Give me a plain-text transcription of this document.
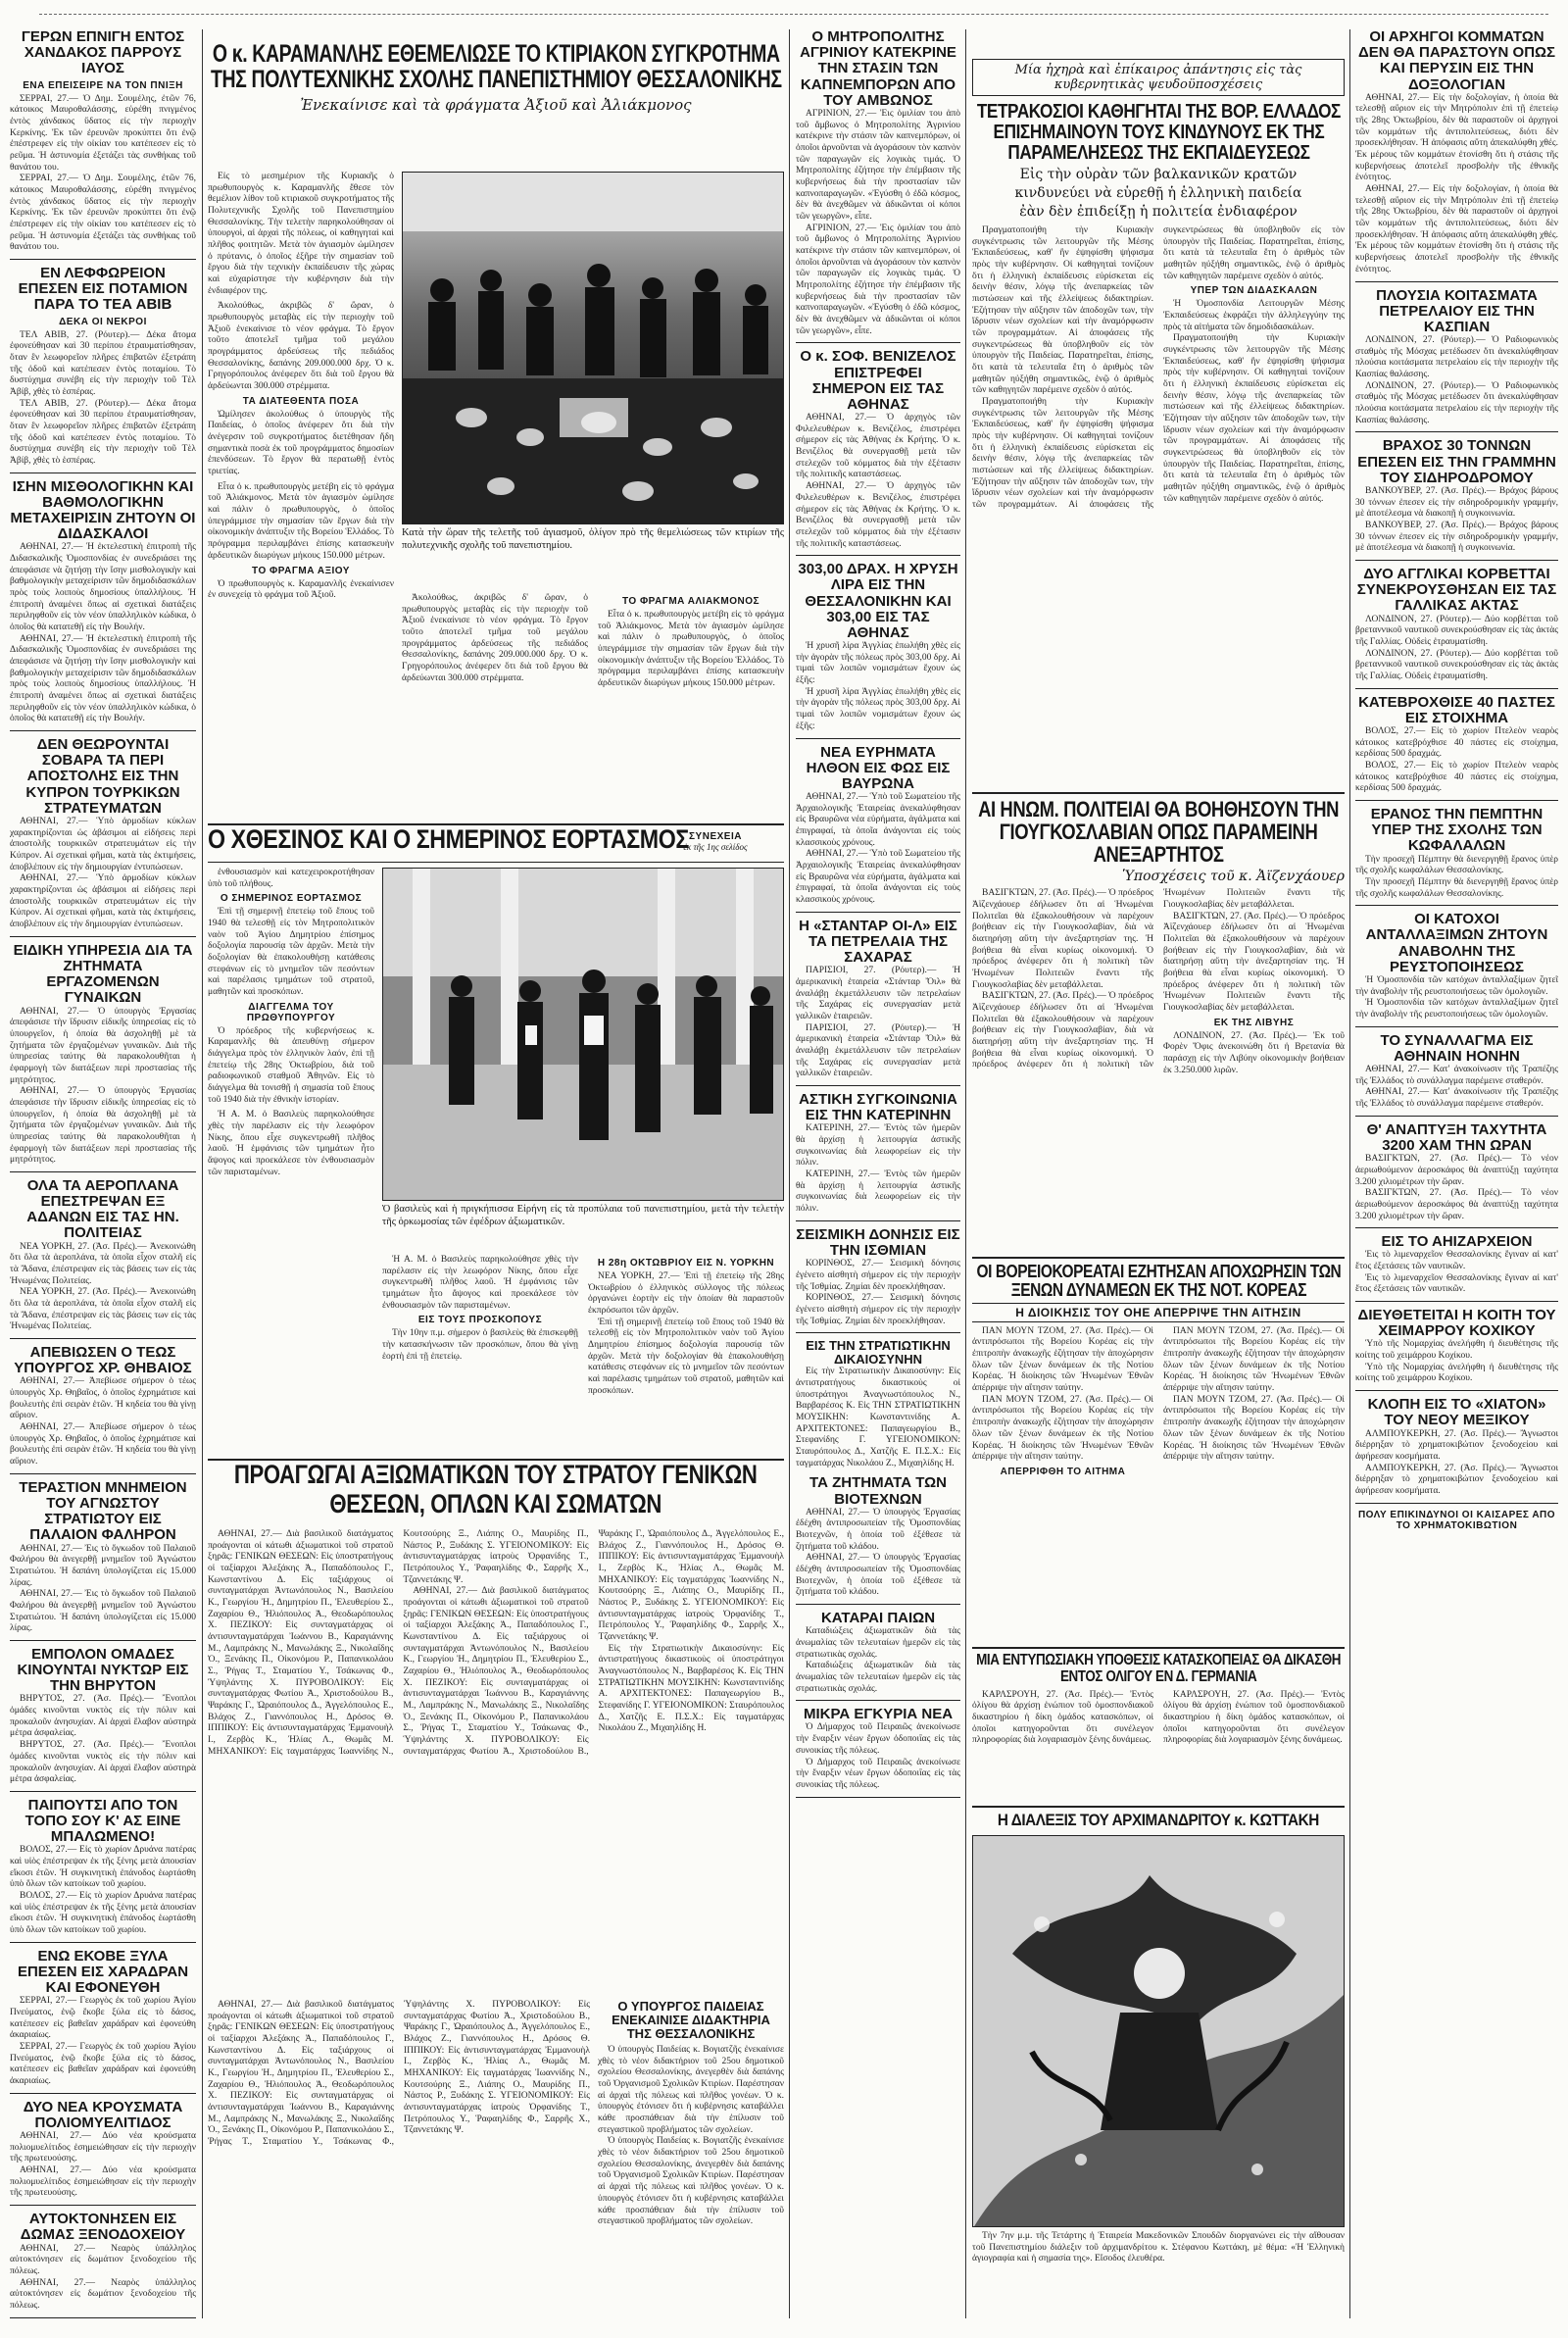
ΓΕΡΩΝ ΕΠΝΙΓΗ ΕΝΤΟΣ ΧΑΝΔΑΚΟΣ ΠΑΡΡΟΥΣ ΙΑΥΟΣ
ΕΝΑ ΕΠΕΙΣΕΙΡΕ ΝΑ ΤΟΝ ΠΝΙΞΗ

ΣΕΡΡΑΙ, 27.— Ὁ Δημ. Σουμέλης, ἐτῶν 76, κάτοικος Μαυροθαλάσσης, εὑρέθη πνιγμένος ἐντὸς χάνδακος ὕδατος εἰς τὴν περιοχὴν Κερκίνης. Ἐκ τῶν ἐρευνῶν προκύπτει ὅτι ἐνῷ ἐπέστρεφεν εἰς τὴν οἰκίαν του κατέπεσεν εἰς τὸ ρεῦμα. Ἡ ἀστυνομία ἐξετάζει τὰς συνθήκας τοῦ θανάτου του.

ΣΕΡΡΑΙ, 27.— Ὁ Δημ. Σουμέλης, ἐτῶν 76, κάτοικος Μαυροθαλάσσης, εὑρέθη πνιγμένος ἐντὸς χάνδακος ὕδατος εἰς τὴν περιοχὴν Κερκίνης. Ἐκ τῶν ἐρευνῶν προκύπτει ὅτι ἐνῷ ἐπέστρεφεν εἰς τὴν οἰκίαν του κατέπεσεν εἰς τὸ ρεῦμα. Ἡ ἀστυνομία ἐξετάζει τὰς συνθήκας τοῦ θανάτου του.

ΕΝ ΛΕΦΦΩΡΕΙΟΝ ΕΠΕΣΕΝ ΕΙΣ ΠΟΤΑΜΙΟΝ ΠΑΡΑ ΤΟ ΤΕΑ ΑΒΙΒ
ΔΕΚΑ ΟΙ ΝΕΚΡΟΙ

ΤΕΛ ΑΒΙΒ, 27. (Ρόυτερ).— Δέκα ἄτομα ἐφονεύθησαν καὶ 30 περίπου ἐτραυματίσθησαν, ὅταν ἓν λεωφορεῖον πλῆρες ἐπιβατῶν ἐξετράπη τῆς ὁδοῦ καὶ κατέπεσεν ἐντὸς ποταμίου. Τὸ δυστύχημα συνέβη εἰς τὴν περιοχὴν τοῦ Τὲλ Ἀβίβ, χθὲς τὸ ἑσπέρας.

ΤΕΛ ΑΒΙΒ, 27. (Ρόυτερ).— Δέκα ἄτομα ἐφονεύθησαν καὶ 30 περίπου ἐτραυματίσθησαν, ὅταν ἓν λεωφορεῖον πλῆρες ἐπιβατῶν ἐξετράπη τῆς ὁδοῦ καὶ κατέπεσεν ἐντὸς ποταμίου. Τὸ δυστύχημα συνέβη εἰς τὴν περιοχὴν τοῦ Τὲλ Ἀβίβ, χθὲς τὸ ἑσπέρας.

ΙΣΗΝ ΜΙΣΘΟΛΟΓΙΚΗΝ ΚΑΙ ΒΑΘΜΟΛΟΓΙΚΗΝ ΜΕΤΑΧΕΙΡΙΣΙΝ ΖΗΤΟΥΝ ΟΙ ΔΙΔΑΣΚΑΛΟΙ

ΑΘΗΝΑΙ, 27.— Ἡ ἐκτελεστικὴ ἐπιτροπὴ τῆς Διδασκαλικῆς Ὁμοσπονδίας ἐν συνεδριάσει της ἀπεφάσισε νὰ ζητήσῃ τὴν ἴσην μισθολογικὴν καὶ βαθμολογικὴν μεταχείρισιν τῶν δημοδιδασκάλων πρὸς τοὺς λοιποὺς δημοσίους ὑπαλλήλους. Ἡ ἐπιτροπὴ ἀναμένει ὅπως αἱ σχετικαὶ διατάξεις περιληφθοῦν εἰς τὸν νέον ὑπαλληλικὸν κώδικα, ὁ ὁποῖος θὰ κατατεθῇ εἰς τὴν Βουλήν.

ΑΘΗΝΑΙ, 27.— Ἡ ἐκτελεστικὴ ἐπιτροπὴ τῆς Διδασκαλικῆς Ὁμοσπονδίας ἐν συνεδριάσει της ἀπεφάσισε νὰ ζητήσῃ τὴν ἴσην μισθολογικὴν καὶ βαθμολογικὴν μεταχείρισιν τῶν δημοδιδασκάλων πρὸς τοὺς λοιποὺς δημοσίους ὑπαλλήλους. Ἡ ἐπιτροπὴ ἀναμένει ὅπως αἱ σχετικαὶ διατάξεις περιληφθοῦν εἰς τὸν νέον ὑπαλληλικὸν κώδικα, ὁ ὁποῖος θὰ κατατεθῇ εἰς τὴν Βουλήν.

ΔΕΝ ΘΕΩΡΟΥΝΤΑΙ ΣΟΒΑΡΑ ΤΑ ΠΕΡΙ ΑΠΟΣΤΟΛΗΣ ΕΙΣ ΤΗΝ ΚΥΠΡΟΝ ΤΟΥΡΚΙΚΩΝ ΣΤΡΑΤΕΥΜΑΤΩΝ

ΑΘΗΝΑΙ, 27.— Ὑπὸ ἁρμοδίων κύκλων χαρακτηρίζονται ὡς ἀβάσιμοι αἱ εἰδήσεις περὶ ἀποστολῆς τουρκικῶν στρατευμάτων εἰς τὴν Κύπρον. Αἱ σχετικαὶ φῆμαι, κατὰ τὰς ἐκτιμήσεις, ἀποβλέπουν εἰς τὴν δημιουργίαν ἐντυπώσεων.

ΑΘΗΝΑΙ, 27.— Ὑπὸ ἁρμοδίων κύκλων χαρακτηρίζονται ὡς ἀβάσιμοι αἱ εἰδήσεις περὶ ἀποστολῆς τουρκικῶν στρατευμάτων εἰς τὴν Κύπρον. Αἱ σχετικαὶ φῆμαι, κατὰ τὰς ἐκτιμήσεις, ἀποβλέπουν εἰς τὴν δημιουργίαν ἐντυπώσεων.

ΕΙΔΙΚΗ ΥΠΗΡΕΣΙΑ ΔΙΑ ΤΑ ΖΗΤΗΜΑΤΑ ΕΡΓΑΖΟΜΕΝΩΝ ΓΥΝΑΙΚΩΝ

ΑΘΗΝΑΙ, 27.— Ὁ ὑπουργὸς Ἐργασίας ἀπεφάσισε τὴν ἵδρυσιν εἰδικῆς ὑπηρεσίας εἰς τὸ ὑπουργεῖον, ἡ ὁποία θὰ ἀσχοληθῇ μὲ τὰ ζητήματα τῶν ἐργαζομένων γυναικῶν. Διὰ τῆς ὑπηρεσίας ταύτης θὰ παρακολουθῆται ἡ ἐφαρμογὴ τῶν διατάξεων περὶ προστασίας τῆς μητρότητος.

ΑΘΗΝΑΙ, 27.— Ὁ ὑπουργὸς Ἐργασίας ἀπεφάσισε τὴν ἵδρυσιν εἰδικῆς ὑπηρεσίας εἰς τὸ ὑπουργεῖον, ἡ ὁποία θὰ ἀσχοληθῇ μὲ τὰ ζητήματα τῶν ἐργαζομένων γυναικῶν. Διὰ τῆς ὑπηρεσίας ταύτης θὰ παρακολουθῆται ἡ ἐφαρμογὴ τῶν διατάξεων περὶ προστασίας τῆς μητρότητος.

ΟΛΑ ΤΑ ΑΕΡΟΠΛΑΝΑ ΕΠΕΣΤΡΕΨΑΝ ΕΞ ΑΔΑΝΩΝ ΕΙΣ ΤΑΣ ΗΝ. ΠΟΛΙΤΕΙΑΣ

ΝΕΑ ΥΟΡΚΗ, 27. (Ἀσ. Πρές).— Ἀνεκοινώθη ὅτι ὅλα τὰ ἀεροπλάνα, τὰ ὁποῖα εἶχον σταλῆ εἰς τὰ Ἄδανα, ἐπέστρεψαν εἰς τὰς βάσεις των εἰς τὰς Ἡνωμένας Πολιτείας.

ΝΕΑ ΥΟΡΚΗ, 27. (Ἀσ. Πρές).— Ἀνεκοινώθη ὅτι ὅλα τὰ ἀεροπλάνα, τὰ ὁποῖα εἶχον σταλῆ εἰς τὰ Ἄδανα, ἐπέστρεψαν εἰς τὰς βάσεις των εἰς τὰς Ἡνωμένας Πολιτείας.

ΑΠΕΒΙΩΣΕΝ Ο ΤΕΩΣ ΥΠΟΥΡΓΟΣ ΧΡ. ΘΗΒΑΙΟΣ

ΑΘΗΝΑΙ, 27.— Ἀπεβίωσε σήμερον ὁ τέως ὑπουργὸς Χρ. Θηβαῖος, ὁ ὁποῖος ἐχρημάτισε καὶ βουλευτὴς ἐπὶ σειρὰν ἐτῶν. Ἡ κηδεία του θὰ γίνῃ αὔριον.

ΑΘΗΝΑΙ, 27.— Ἀπεβίωσε σήμερον ὁ τέως ὑπουργὸς Χρ. Θηβαῖος, ὁ ὁποῖος ἐχρημάτισε καὶ βουλευτὴς ἐπὶ σειρὰν ἐτῶν. Ἡ κηδεία του θὰ γίνῃ αὔριον.

ΤΕΡΑΣΤΙΟΝ ΜΝΗΜΕΙΟΝ ΤΟΥ ΑΓΝΩΣΤΟΥ ΣΤΡΑΤΙΩΤΟΥ ΕΙΣ ΠΑΛΑΙΟΝ ΦΑΛΗΡΟΝ

ΑΘΗΝΑΙ, 27.— Ἐις τὸ ὄγκωδον τοῦ Παλαιοῦ Φαλήρου θὰ ἀνεγερθῇ μνημεῖον τοῦ Ἀγνώστου Στρατιώτου. Ἡ δαπάνη ὑπολογίζεται εἰς 15.000 λίρας.

ΑΘΗΝΑΙ, 27.— Ἐις τὸ ὄγκωδον τοῦ Παλαιοῦ Φαλήρου θὰ ἀνεγερθῇ μνημεῖον τοῦ Ἀγνώστου Στρατιώτου. Ἡ δαπάνη ὑπολογίζεται εἰς 15.000 λίρας.

ΕΜΠΟΛΟΝ ΟΜΑΔΕΣ ΚΙΝΟΥΝΤΑΙ ΝΥΚΤΩΡ ΕΙΣ ΤΗΝ ΒΗΡΥΤΟΝ

ΒΗΡΥΤΟΣ, 27. (Ἀσ. Πρές).— Ἔνοπλοι ὁμάδες κινοῦνται νυκτὸς εἰς τὴν πόλιν καὶ προκαλοῦν ἀνησυχίαν. Αἱ ἀρχαὶ ἔλαβον αὐστηρὰ μέτρα ἀσφαλείας.

ΒΗΡΥΤΟΣ, 27. (Ἀσ. Πρές).— Ἔνοπλοι ὁμάδες κινοῦνται νυκτὸς εἰς τὴν πόλιν καὶ προκαλοῦν ἀνησυχίαν. Αἱ ἀρχαὶ ἔλαβον αὐστηρὰ μέτρα ἀσφαλείας.

ΠΑΙΠΟΥΤΣΙ ΑΠΟ ΤΟΝ ΤΟΠΟ ΣΟΥ Κ' ΑΣ ΕΙΝΕ ΜΠΑΛΩΜΕΝΟ!

ΒΟΛΟΣ, 27.— Εἰς τὸ χωρίον Δρυάνα πατέρας καὶ υἱὸς ἐπέστρεψαν ἐκ τῆς ξένης μετὰ ἀπουσίαν εἴκοσι ἐτῶν. Ἡ συγκινητικὴ ἐπάνοδος ἑωρτάσθη ὑπὸ ὅλων τῶν κατοίκων τοῦ χωρίου.

ΒΟΛΟΣ, 27.— Εἰς τὸ χωρίον Δρυάνα πατέρας καὶ υἱὸς ἐπέστρεψαν ἐκ τῆς ξένης μετὰ ἀπουσίαν εἴκοσι ἐτῶν. Ἡ συγκινητικὴ ἐπάνοδος ἑωρτάσθη ὑπὸ ὅλων τῶν κατοίκων τοῦ χωρίου.

ΕΝΩ ΕΚΟΒΕ ΞΥΛΑ ΕΠΕΣΕΝ ΕΙΣ ΧΑΡΑΔΡΑΝ ΚΑΙ ΕΦΟΝΕΥΘΗ

ΣΕΡΡΑΙ, 27.— Γεωργὸς ἐκ τοῦ χωρίου Ἀγίου Πνεύματος, ἐνῷ ἔκοβε ξύλα εἰς τὸ δάσος, κατέπεσεν εἰς βαθεῖαν χαράδραν καὶ ἐφονεύθη ἀκαριαίως.

ΣΕΡΡΑΙ, 27.— Γεωργὸς ἐκ τοῦ χωρίου Ἀγίου Πνεύματος, ἐνῷ ἔκοβε ξύλα εἰς τὸ δάσος, κατέπεσεν εἰς βαθεῖαν χαράδραν καὶ ἐφονεύθη ἀκαριαίως.

ΔΥΟ ΝΕΑ ΚΡΟΥΣΜΑΤΑ ΠΟΛΙΟΜΥΕΛΙΤΙΔΟΣ

ΑΘΗΝΑΙ, 27.— Δύο νέα κρούσματα πολιομυελίτιδος ἐσημειώθησαν εἰς τὴν περιοχὴν τῆς πρωτευούσης.

ΑΘΗΝΑΙ, 27.— Δύο νέα κρούσματα πολιομυελίτιδος ἐσημειώθησαν εἰς τὴν περιοχὴν τῆς πρωτευούσης.

ΑΥΤΟΚΤΟΝΗΣΕΝ ΕΙΣ ΔΩΜΑΣ ΞΕΝΟΔΟΧΕΙΟΥ

ΑΘΗΝΑΙ, 27.— Νεαρὸς ὑπάλληλος αὐτοκτόνησεν εἰς δωμάτιον ξενοδοχείου τῆς πόλεως.

ΑΘΗΝΑΙ, 27.— Νεαρὸς ὑπάλληλος αὐτοκτόνησεν εἰς δωμάτιον ξενοδοχείου τῆς πόλεως.

Ο κ. ΚΑΡΑΜΑΝΛΗΣ ΕΘΕΜΕΛΙΩΣΕ ΤΟ ΚΤΙΡΙΑΚΟΝ ΣΥΓΚΡΟΤΗΜΑ ΤΗΣ ΠΟΛΥΤΕΧΝΙΚΗΣ ΣΧΟΛΗΣ ΠΑΝΕΠΙΣΤΗΜΙΟΥ ΘΕΣΣΑΛΟΝΙΚΗΣ
Ἐνεκαίνισε καὶ τὰ φράγματα Ἀξιοῦ καὶ Ἀλιάκμονος

Εἰς τὸ μεσημέριον τῆς Κυριακῆς ὁ πρωθυπουργὸς κ. Καραμανλῆς ἔθεσε τὸν θεμέλιον λίθον τοῦ κτιριακοῦ συγκροτήματος τῆς Πολυτεχνικῆς Σχολῆς τοῦ Πανεπιστημίου Θεσσαλονίκης. Τὴν τελετὴν παρηκολούθησαν οἱ ὑπουργοὶ, αἱ ἀρχαὶ τῆς πόλεως, οἱ καθηγηταὶ καὶ πλῆθος φοιτητῶν. Μετὰ τὸν ἁγιασμὸν ὡμίλησεν ὁ πρύτανις, ὁ ὁποῖος ἐξῆρε τὴν σημασίαν τοῦ ἔργου διὰ τὴν τεχνικὴν ἐκπαίδευσιν τῆς χώρας καὶ εὐχαρίστησε τὴν κυβέρνησιν διὰ τὴν ἐνδιαφέρον της.

Ἀκολούθως, ἀκριβῶς δ' ὥραν, ὁ πρωθυπουργὸς μεταβὰς εἰς τὴν περιοχὴν τοῦ Ἀξιοῦ ἐνεκαίνισε τὸ νέον φράγμα. Τὸ ἔργον τοῦτο ἀποτελεῖ τμῆμα τοῦ μεγάλου προγράμματος ἀρδεύσεως τῆς πεδιάδος Θεσσαλονίκης, δαπάνης 209.000.000 δρχ. Ὁ κ. Γρηγορόπουλος ἀνέφερεν ὅτι διὰ τοῦ ἔργου θὰ ἀρδεύωνται 300.000 στρέμματα.

ΤΑ ΔΙΑΤΕΘΕΝΤΑ ΠΟΣΑ

Ὡμίλησεν ἀκολούθως ὁ ὑπουργὸς τῆς Παιδείας, ὁ ὁποῖος ἀνέφερεν ὅτι διὰ τὴν ἀνέγερσιν τοῦ συγκροτήματος διετέθησαν ἤδη σημαντικὰ ποσὰ ἐκ τοῦ προγράμματος δημοσίων ἐπενδύσεων. Τὸ ἔργον θὰ περατωθῇ ἐντὸς τριετίας.

Εἶτα ὁ κ. πρωθυπουργὸς μετέβη εἰς τὸ φράγμα τοῦ Ἀλιάκμονος. Μετὰ τὸν ἁγιασμὸν ὡμίλησε καὶ πάλιν ὁ πρωθυπουργὸς, ὁ ὁποῖος ὑπεγράμμισε τὴν σημασίαν τῶν ἔργων διὰ τὴν οἰκονομικὴν ἀνάπτυξιν τῆς Βορείου Ἑλλάδος. Τὸ πρόγραμμα περιλαμβάνει ἐπίσης κατασκευὴν ἀρδευτικῶν διωρύγων μήκους 150.000 μέτρων.

ΤΟ ΦΡΑΓΜΑ ΑΞΙΟΥ

Ὁ πρωθυπουργὸς κ. Καραμανλῆς ἐνεκαίνισεν ἐν συνεχείᾳ τὸ φράγμα τοῦ Ἀξιοῦ.

Κατὰ τὴν ὥραν τῆς τελετῆς τοῦ ἁγιασμοῦ, ὀλίγον πρὸ τῆς θεμελιώσεως τῶν κτιρίων τῆς πολυτεχνικῆς σχολῆς τοῦ πανεπιστημίου.

Ἀκολούθως, ἀκριβῶς δ' ὥραν, ὁ πρωθυπουργὸς μεταβὰς εἰς τὴν περιοχὴν τοῦ Ἀξιοῦ ἐνεκαίνισε τὸ νέον φράγμα. Τὸ ἔργον τοῦτο ἀποτελεῖ τμῆμα τοῦ μεγάλου προγράμματος ἀρδεύσεως τῆς πεδιάδος Θεσσαλονίκης, δαπάνης 209.000.000 δρχ. Ὁ κ. Γρηγορόπουλος ἀνέφερεν ὅτι διὰ τοῦ ἔργου θὰ ἀρδεύωνται 300.000 στρέμματα.

ΤΟ ΦΡΑΓΜΑ ΑΛΙΑΚΜΟΝΟΣ

Εἶτα ὁ κ. πρωθυπουργὸς μετέβη εἰς τὸ φράγμα τοῦ Ἀλιάκμονος. Μετὰ τὸν ἁγιασμὸν ὡμίλησε καὶ πάλιν ὁ πρωθυπουργὸς, ὁ ὁποῖος ὑπεγράμμισε τὴν σημασίαν τῶν ἔργων διὰ τὴν οἰκονομικὴν ἀνάπτυξιν τῆς Βορείου Ἑλλάδος. Τὸ πρόγραμμα περιλαμβάνει ἐπίσης κατασκευὴν ἀρδευτικῶν διωρύγων μήκους 150.000 μέτρων.

Ο ΧΘΕΣΙΝΟΣ ΚΑΙ Ο ΣΗΜΕΡΙΝΟΣ ΕΟΡΤΑΣΜΟΣ ΣΥΝΕΧΕΙΑ
ἐκ τῆς 1ης σελίδος

ἐνθουσιασμὸν καὶ κατεχειροκροτήθησαν ὑπὸ τοῦ πλήθους.

Ο ΣΗΜΕΡΙΝΟΣ ΕΟΡΤΑΣΜΟΣ

Ἐπὶ τῇ σημερινῇ ἐπετείῳ τοῦ ἔπους τοῦ 1940 θὰ τελεσθῇ εἰς τὸν Μητροπολιτικὸν ναὸν τοῦ Ἁγίου Δημητρίου ἐπίσημος δοξολογία παρουσίᾳ τῶν ἀρχῶν. Μετὰ τὴν δοξολογίαν θὰ ἐπακολουθήσῃ κατάθεσις στεφάνων εἰς τὸ μνημεῖον τῶν πεσόντων καὶ παρέλασις τμημάτων τοῦ στρατοῦ, μαθητῶν καὶ προσκόπων.

ΔΙΑΓΓΕΛΜΑ ΤΟΥ ΠΡΩΘΥΠΟΥΡΓΟΥ

Ὁ πρόεδρος τῆς κυβερνήσεως κ. Καραμανλῆς θὰ ἀπευθύνῃ σήμερον διάγγελμα πρὸς τὸν ἑλληνικὸν λαόν, ἐπὶ τῇ ἐπετείῳ τῆς 28ης Ὀκτωβρίου, διὰ τοῦ ραδιοφωνικοῦ σταθμοῦ Ἀθηνῶν. Εἰς τὸ διάγγελμα θὰ τονισθῇ ἡ σημασία τοῦ ἔπους τοῦ 1940 διὰ τὴν ἐθνικὴν ἱστορίαν.

Ἡ Α. Μ. ὁ Βασιλεὺς παρηκολούθησε χθὲς τὴν παρέλασιν εἰς τὴν λεωφόρον Νίκης, ὅπου εἶχε συγκεντρωθῆ πλῆθος λαοῦ. Ἡ ἐμφάνισις τῶν τμημάτων ἦτο ἄψογος καὶ προεκάλεσε τὸν ἐνθουσιασμὸν τῶν παρισταμένων.

Ὁ βασιλεὺς καὶ ἡ πριγκήπισσα Εἰρήνη εἰς τὰ προπύλαια τοῦ πανεπιστημίου, μετὰ τὴν τελετὴν τῆς ὁρκωμοσίας τῶν ἐφέδρων ἀξιωματικῶν.

Ἡ Α. Μ. ὁ Βασιλεὺς παρηκολούθησε χθὲς τὴν παρέλασιν εἰς τὴν λεωφόρον Νίκης, ὅπου εἶχε συγκεντρωθῆ πλῆθος λαοῦ. Ἡ ἐμφάνισις τῶν τμημάτων ἦτο ἄψογος καὶ προεκάλεσε τὸν ἐνθουσιασμὸν τῶν παρισταμένων.

ΕΙΣ ΤΟΥΣ ΠΡΟΣΚΟΠΟΥΣ

Τὴν 10ην π.μ. σήμερον ὁ βασιλεὺς θὰ ἐπισκεφθῇ τὴν κατασκήνωσιν τῶν προσκόπων, ὅπου θὰ γίνῃ ἑορτὴ ἐπὶ τῇ ἐπετείῳ.

Η 28η ΟΚΤΩΒΡΙΟΥ ΕΙΣ Ν. ΥΟΡΚΗΝ

ΝΕΑ ΥΟΡΚΗ, 27.— Ἐπὶ τῇ ἐπετείῳ τῆς 28ης Ὀκτωβρίου ὁ ἑλληνικὸς σύλλογος τῆς πόλεως ὀργανώνει ἑορτὴν εἰς τὴν ὁποίαν θὰ παραστοῦν ἐκπρόσωποι τῶν ἀρχῶν.

Ἐπὶ τῇ σημερινῇ ἐπετείῳ τοῦ ἔπους τοῦ 1940 θὰ τελεσθῇ εἰς τὸν Μητροπολιτικὸν ναὸν τοῦ Ἁγίου Δημητρίου ἐπίσημος δοξολογία παρουσίᾳ τῶν ἀρχῶν. Μετὰ τὴν δοξολογίαν θὰ ἐπακολουθήσῃ κατάθεσις στεφάνων εἰς τὸ μνημεῖον τῶν πεσόντων καὶ παρέλασις τμημάτων τοῦ στρατοῦ, μαθητῶν καὶ προσκόπων.

ΠΡΟΑΓΩΓΑΙ ΑΞΙΩΜΑΤΙΚΩΝ ΤΟΥ ΣΤΡΑΤΟΥ ΓΕΝΙΚΩΝ ΘΕΣΕΩΝ, ΟΠΛΩΝ ΚΑΙ ΣΩΜΑΤΩΝ

ΑΘΗΝΑΙ, 27.— Διὰ βασιλικοῦ διατάγματος προάγονται οἱ κάτωθι ἀξιωματικοὶ τοῦ στρατοῦ ξηρᾶς: ΓΕΝΙΚΩΝ ΘΕΣΕΩΝ: Εἰς ὑποστρατήγους οἱ ταξίαρχοι Ἀλεξάκης Ἀ., Παπαδόπουλος Γ., Κωνσταντίνου Δ. Εἰς ταξιάρχους οἱ συνταγματάρχαι Ἀντωνόπουλος Ν., Βασιλείου Κ., Γεωργίου Ἠ., Δημητρίου Π., Ἐλευθερίου Σ., Ζαχαρίου Θ., Ἠλιόπουλος Ἀ., Θεοδωρόπουλος Χ. ΠΕΖΙΚΟΥ: Εἰς συνταγματάρχας οἱ ἀντισυνταγματάρχαι Ἰωάννου Β., Καραγιάννης Μ., Λαμπράκης Ν., Μανωλάκης Ξ., Νικολαΐδης Ὀ., Ξενάκης Π., Οἰκονόμου Ρ., Παπανικολάου Σ., Ῥήγας Τ., Σταματίου Υ., Τσάκωνας Φ., Ὑψηλάντης Χ. ΠΥΡΟΒΟΛΙΚΟΥ: Εἰς συνταγματάρχας Φωτίου Ἀ., Χριστοδούλου Β., Ψαράκης Γ., Ὠραιόπουλος Δ., Ἀγγελόπουλος Ε., Βλάχος Ζ., Γιαννόπουλος Η., Δρόσος Θ. ΙΠΠΙΚΟΥ: Εἰς ἀντισυνταγματάρχας Ἐμμανουὴλ Ι., Ζερβὸς Κ., Ἠλίας Λ., Θωμᾶς Μ. ΜΗΧΑΝΙΚΟΥ: Εἰς ταγματάρχας Ἰωαννίδης Ν., Κουτσούρης Ξ., Λιάπης Ο., Μαυρίδης Π., Νάστος Ρ., Ξυδάκης Σ. ΥΓΕΙΟΝΟΜΙΚΟΥ: Εἰς ἀντισυνταγματάρχας ἰατροὺς Ὀρφανίδης Τ., Πετρόπουλος Υ., Ῥαφαηλίδης Φ., Σαρρῆς Χ., Τζαννετάκης Ψ.

ΑΘΗΝΑΙ, 27.— Διὰ βασιλικοῦ διατάγματος προάγονται οἱ κάτωθι ἀξιωματικοὶ τοῦ στρατοῦ ξηρᾶς: ΓΕΝΙΚΩΝ ΘΕΣΕΩΝ: Εἰς ὑποστρατήγους οἱ ταξίαρχοι Ἀλεξάκης Ἀ., Παπαδόπουλος Γ., Κωνσταντίνου Δ. Εἰς ταξιάρχους οἱ συνταγματάρχαι Ἀντωνόπουλος Ν., Βασιλείου Κ., Γεωργίου Ἠ., Δημητρίου Π., Ἐλευθερίου Σ., Ζαχαρίου Θ., Ἠλιόπουλος Ἀ., Θεοδωρόπουλος Χ. ΠΕΖΙΚΟΥ: Εἰς συνταγματάρχας οἱ ἀντισυνταγματάρχαι Ἰωάννου Β., Καραγιάννης Μ., Λαμπράκης Ν., Μανωλάκης Ξ., Νικολαΐδης Ὀ., Ξενάκης Π., Οἰκονόμου Ρ., Παπανικολάου Σ., Ῥήγας Τ., Σταματίου Υ., Τσάκωνας Φ., Ὑψηλάντης Χ. ΠΥΡΟΒΟΛΙΚΟΥ: Εἰς συνταγματάρχας Φωτίου Ἀ., Χριστοδούλου Β., Ψαράκης Γ., Ὠραιόπουλος Δ., Ἀγγελόπουλος Ε., Βλάχος Ζ., Γιαννόπουλος Η., Δρόσος Θ. ΙΠΠΙΚΟΥ: Εἰς ἀντισυνταγματάρχας Ἐμμανουὴλ Ι., Ζερβὸς Κ., Ἠλίας Λ., Θωμᾶς Μ. ΜΗΧΑΝΙΚΟΥ: Εἰς ταγματάρχας Ἰωαννίδης Ν., Κουτσούρης Ξ., Λιάπης Ο., Μαυρίδης Π., Νάστος Ρ., Ξυδάκης Σ. ΥΓΕΙΟΝΟΜΙΚΟΥ: Εἰς ἀντισυνταγματάρχας ἰατροὺς Ὀρφανίδης Τ., Πετρόπουλος Υ., Ῥαφαηλίδης Φ., Σαρρῆς Χ., Τζαννετάκης Ψ.

Εἰς τὴν Στρατιωτικὴν Δικαιοσύνην: Εἰς ἀντιστρατήγους δικαστικοὺς οἱ ὑποστράτηγοι Ἀναγνωστόπουλος Ν., Βαρβαρέσος Κ. Εἰς ΤΗΝ ΣΤΡΑΤΙΩΤΙΚΗΝ ΜΟΥΣΙΚΗΝ: Κωνσταντινίδης Α. ΑΡΧΙΤΕΚΤΟΝΕΣ: Παπαγεωργίου Β., Στεφανίδης Γ. ΥΓΕΙΟΝΟΜΙΚΟΝ: Σταυρόπουλος Δ., Χατζῆς Ε. Π.Σ.Χ.: Εἰς ταγματάρχας Νικολάου Ζ., Μιχαηλίδης Η.

ΑΘΗΝΑΙ, 27.— Διὰ βασιλικοῦ διατάγματος προάγονται οἱ κάτωθι ἀξιωματικοὶ τοῦ στρατοῦ ξηρᾶς: ΓΕΝΙΚΩΝ ΘΕΣΕΩΝ: Εἰς ὑποστρατήγους οἱ ταξίαρχοι Ἀλεξάκης Ἀ., Παπαδόπουλος Γ., Κωνσταντίνου Δ. Εἰς ταξιάρχους οἱ συνταγματάρχαι Ἀντωνόπουλος Ν., Βασιλείου Κ., Γεωργίου Ἠ., Δημητρίου Π., Ἐλευθερίου Σ., Ζαχαρίου Θ., Ἠλιόπουλος Ἀ., Θεοδωρόπουλος Χ. ΠΕΖΙΚΟΥ: Εἰς συνταγματάρχας οἱ ἀντισυνταγματάρχαι Ἰωάννου Β., Καραγιάννης Μ., Λαμπράκης Ν., Μανωλάκης Ξ., Νικολαΐδης Ὀ., Ξενάκης Π., Οἰκονόμου Ρ., Παπανικολάου Σ., Ῥήγας Τ., Σταματίου Υ., Τσάκωνας Φ., Ὑψηλάντης Χ. ΠΥΡΟΒΟΛΙΚΟΥ: Εἰς συνταγματάρχας Φωτίου Ἀ., Χριστοδούλου Β., Ψαράκης Γ., Ὠραιόπουλος Δ., Ἀγγελόπουλος Ε., Βλάχος Ζ., Γιαννόπουλος Η., Δρόσος Θ. ΙΠΠΙΚΟΥ: Εἰς ἀντισυνταγματάρχας Ἐμμανουὴλ Ι., Ζερβὸς Κ., Ἠλίας Λ., Θωμᾶς Μ. ΜΗΧΑΝΙΚΟΥ: Εἰς ταγματάρχας Ἰωαννίδης Ν., Κουτσούρης Ξ., Λιάπης Ο., Μαυρίδης Π., Νάστος Ρ., Ξυδάκης Σ. ΥΓΕΙΟΝΟΜΙΚΟΥ: Εἰς ἀντισυνταγματάρχας ἰατροὺς Ὀρφανίδης Τ., Πετρόπουλος Υ., Ῥαφαηλίδης Φ., Σαρρῆς Χ., Τζαννετάκης Ψ.

Ο ΥΠΟΥΡΓΟΣ ΠΑΙΔΕΙΑΣ ΕΝΕΚΑΙΝΙΣΕ ΔΙΔΑΚΤΗΡΙΑ ΤΗΣ ΘΕΣΣΑΛΟΝΙΚΗΣ

Ὁ ὑπουργὸς Παιδείας κ. Βογιατζῆς ἐνεκαίνισε χθὲς τὸ νέον διδακτήριον τοῦ 25ου δημοτικοῦ σχολείου Θεσσαλονίκης, ἀνεγερθὲν διὰ δαπάνης τοῦ Ὀργανισμοῦ Σχολικῶν Κτιρίων. Παρέστησαν αἱ ἀρχαὶ τῆς πόλεως καὶ πλῆθος γονέων. Ὁ κ. ὑπουργὸς ἐτόνισεν ὅτι ἡ κυβέρνησις καταβάλλει κάθε προσπάθειαν διὰ τὴν ἐπίλυσιν τοῦ στεγαστικοῦ προβλήματος τῶν σχολείων.

Ὁ ὑπουργὸς Παιδείας κ. Βογιατζῆς ἐνεκαίνισε χθὲς τὸ νέον διδακτήριον τοῦ 25ου δημοτικοῦ σχολείου Θεσσαλονίκης, ἀνεγερθὲν διὰ δαπάνης τοῦ Ὀργανισμοῦ Σχολικῶν Κτιρίων. Παρέστησαν αἱ ἀρχαὶ τῆς πόλεως καὶ πλῆθος γονέων. Ὁ κ. ὑπουργὸς ἐτόνισεν ὅτι ἡ κυβέρνησις καταβάλλει κάθε προσπάθειαν διὰ τὴν ἐπίλυσιν τοῦ στεγαστικοῦ προβλήματος τῶν σχολείων.

Ο ΜΗΤΡΟΠΟΛΙΤΗΣ ΑΓΡΙΝΙΟΥ ΚΑΤΕΚΡΙΝΕ ΤΗΝ ΣΤΑΣΙΝ ΤΩΝ ΚΑΠΝΕΜΠΟΡΩΝ ΑΠΟ ΤΟΥ ΑΜΒΩΝΟΣ

ΑΓΡΙΝΙΟΝ, 27.— Ἐις ὁμιλίαν του ἀπὸ τοῦ ἄμβωνος ὁ Μητροπολίτης Ἀγρινίου κατέκρινε τὴν στάσιν τῶν καπνεμπόρων, οἱ ὁποῖοι ἀρνοῦνται νὰ ἀγοράσουν τὸν καπνὸν τῶν παραγωγῶν εἰς λογικὰς τιμάς. Ὁ Μητροπολίτης ἐζήτησε τὴν ἐπέμβασιν τῆς κυβερνήσεως διὰ τὴν προστασίαν τῶν καπνοπαραγωγῶν. «Ἐγύσθη ὁ ἐδῶ κόσμος, δὲν θὰ ἀνεχθῶμεν νὰ ἀδικῶνται οἱ κόποι τῶν γεωργῶν», εἶπε.

ΑΓΡΙΝΙΟΝ, 27.— Ἐις ὁμιλίαν του ἀπὸ τοῦ ἄμβωνος ὁ Μητροπολίτης Ἀγρινίου κατέκρινε τὴν στάσιν τῶν καπνεμπόρων, οἱ ὁποῖοι ἀρνοῦνται νὰ ἀγοράσουν τὸν καπνὸν τῶν παραγωγῶν εἰς λογικὰς τιμάς. Ὁ Μητροπολίτης ἐζήτησε τὴν ἐπέμβασιν τῆς κυβερνήσεως διὰ τὴν προστασίαν τῶν καπνοπαραγωγῶν. «Ἐγύσθη ὁ ἐδῶ κόσμος, δὲν θὰ ἀνεχθῶμεν νὰ ἀδικῶνται οἱ κόποι τῶν γεωργῶν», εἶπε.

Ο κ. ΣΟΦ. ΒΕΝΙΖΕΛΟΣ ΕΠΙΣΤΡΕΦΕΙ ΣΗΜΕΡΟΝ ΕΙΣ ΤΑΣ ΑΘΗΝΑΣ

ΑΘΗΝΑΙ, 27.— Ὁ ἀρχηγὸς τῶν Φιλελευθέρων κ. Βενιζέλος, ἐπιστρέφει σήμερον εἰς τὰς Ἀθήνας ἐκ Κρήτης. Ὁ κ. Βενιζέλος θὰ συνεργασθῇ μετὰ τῶν στελεχῶν τοῦ κόμματος διὰ τὴν ἐξέτασιν τῆς πολιτικῆς καταστάσεως.

ΑΘΗΝΑΙ, 27.— Ὁ ἀρχηγὸς τῶν Φιλελευθέρων κ. Βενιζέλος, ἐπιστρέφει σήμερον εἰς τὰς Ἀθήνας ἐκ Κρήτης. Ὁ κ. Βενιζέλος θὰ συνεργασθῇ μετὰ τῶν στελεχῶν τοῦ κόμματος διὰ τὴν ἐξέτασιν τῆς πολιτικῆς καταστάσεως.

303,00 ΔΡΑΧ. Η ΧΡΥΣΗ ΛΙΡΑ ΕΙΣ ΤΗΝ ΘΕΣΣΑΛΟΝΙΚΗΝ ΚΑΙ 303,00 ΕΙΣ ΤΑΣ ΑΘΗΝΑΣ

Ἡ χρυσῆ λίρα Ἀγγλίας ἐπωλήθη χθὲς εἰς τὴν ἀγορὰν τῆς πόλεως πρὸς 303,00 δρχ. Αἱ τιμαὶ τῶν λοιπῶν νομισμάτων ἔχουν ὡς ἑξῆς:

Ἡ χρυσῆ λίρα Ἀγγλίας ἐπωλήθη χθὲς εἰς τὴν ἀγορὰν τῆς πόλεως πρὸς 303,00 δρχ. Αἱ τιμαὶ τῶν λοιπῶν νομισμάτων ἔχουν ὡς ἑξῆς:

ΝΕΑ ΕΥΡΗΜΑΤΑ ΗΛΘΟΝ ΕΙΣ ΦΩΣ ΕΙΣ ΒΑΥΡΩΝΑ

ΑΘΗΝΑΙ, 27.— Ὑπὸ τοῦ Σωματείου τῆς Ἀρχαιολογικῆς Ἑταιρείας ἀνεκαλύφθησαν εἰς Βραυρῶνα νέα εὑρήματα, ἀγάλματα καὶ ἐπιγραφαί, τὰ ὁποῖα ἀνάγονται εἰς τοὺς κλασσικοὺς χρόνους.

ΑΘΗΝΑΙ, 27.— Ὑπὸ τοῦ Σωματείου τῆς Ἀρχαιολογικῆς Ἑταιρείας ἀνεκαλύφθησαν εἰς Βραυρῶνα νέα εὑρήματα, ἀγάλματα καὶ ἐπιγραφαί, τὰ ὁποῖα ἀνάγονται εἰς τοὺς κλασσικοὺς χρόνους.

Η «ΣΤΑΝΤΑΡ ΟΙ-Λ» ΕΙΣ ΤΑ ΠΕΤΡΕΛΑΙΑ ΤΗΣ ΣΑΧΑΡΑΣ

ΠΑΡΙΣΙΟΙ, 27. (Ρόυτερ).— Ἡ ἀμερικανικὴ ἑταιρεία «Στάνταρ Ὄιλ» θὰ ἀναλάβῃ ἐκμετάλλευσιν τῶν πετρελαίων τῆς Σαχάρας εἰς συνεργασίαν μετὰ γαλλικῶν ἑταιρειῶν.

ΠΑΡΙΣΙΟΙ, 27. (Ρόυτερ).— Ἡ ἀμερικανικὴ ἑταιρεία «Στάνταρ Ὄιλ» θὰ ἀναλάβῃ ἐκμετάλλευσιν τῶν πετρελαίων τῆς Σαχάρας εἰς συνεργασίαν μετὰ γαλλικῶν ἑταιρειῶν.

ΑΣΤΙΚΗ ΣΥΓΚΟΙΝΩΝΙΑ ΕΙΣ ΤΗΝ ΚΑΤΕΡΙΝΗΝ

ΚΑΤΕΡΙΝΗ, 27.— Ἐντὸς τῶν ἡμερῶν θὰ ἀρχίσῃ ἡ λειτουργία ἀστικῆς συγκοινωνίας διὰ λεωφορείων εἰς τὴν πόλιν.

ΚΑΤΕΡΙΝΗ, 27.— Ἐντὸς τῶν ἡμερῶν θὰ ἀρχίσῃ ἡ λειτουργία ἀστικῆς συγκοινωνίας διὰ λεωφορείων εἰς τὴν πόλιν.

ΣΕΙΣΜΙΚΗ ΔΟΝΗΣΙΣ ΕΙΣ ΤΗΝ ΙΣΘΜΙΑΝ

ΚΟΡΙΝΘΟΣ, 27.— Σεισμικὴ δόνησις ἐγένετο αἰσθητὴ σήμερον εἰς τὴν περιοχὴν τῆς Ἰσθμίας. Ζημίαι δὲν προεκλήθησαν.

ΚΟΡΙΝΘΟΣ, 27.— Σεισμικὴ δόνησις ἐγένετο αἰσθητὴ σήμερον εἰς τὴν περιοχὴν τῆς Ἰσθμίας. Ζημίαι δὲν προεκλήθησαν.

ΕΙΣ ΤΗΝ ΣΤΡΑΤΙΩΤΙΚΗΝ ΔΙΚΑΙΟΣΥΝΗΝ

Εἰς τὴν Στρατιωτικὴν Δικαιοσύνην: Εἰς ἀντιστρατήγους δικαστικοὺς οἱ ὑποστράτηγοι Ἀναγνωστόπουλος Ν., Βαρβαρέσος Κ. Εἰς ΤΗΝ ΣΤΡΑΤΙΩΤΙΚΗΝ ΜΟΥΣΙΚΗΝ: Κωνσταντινίδης Α. ΑΡΧΙΤΕΚΤΟΝΕΣ: Παπαγεωργίου Β., Στεφανίδης Γ. ΥΓΕΙΟΝΟΜΙΚΟΝ: Σταυρόπουλος Δ., Χατζῆς Ε. Π.Σ.Χ.: Εἰς ταγματάρχας Νικολάου Ζ., Μιχαηλίδης Η.

ΤΑ ΖΗΤΗΜΑΤΑ ΤΩΝ ΒΙΟΤΕΧΝΩΝ

ΑΘΗΝΑΙ, 27.— Ὁ ὑπουργὸς Ἐργασίας ἐδέχθη ἀντιπροσωπείαν τῆς Ὁμοσπονδίας Βιοτεχνῶν, ἡ ὁποία τοῦ ἐξέθεσε τὰ ζητήματα τοῦ κλάδου.

ΑΘΗΝΑΙ, 27.— Ὁ ὑπουργὸς Ἐργασίας ἐδέχθη ἀντιπροσωπείαν τῆς Ὁμοσπονδίας Βιοτεχνῶν, ἡ ὁποία τοῦ ἐξέθεσε τὰ ζητήματα τοῦ κλάδου.

ΚΑΤΑΡΑΙ ΠΑΙΩΝ

Καταδιώξεις ἀξιωματικῶν διὰ τὰς ἀνωμαλίας τῶν τελευταίων ἡμερῶν εἰς τὰς στρατιωτικὰς σχολάς.

Καταδιώξεις ἀξιωματικῶν διὰ τὰς ἀνωμαλίας τῶν τελευταίων ἡμερῶν εἰς τὰς στρατιωτικὰς σχολάς.

ΜΙΚΡΑ ΕΓΚΥΡΙΑ ΝΕΑ

Ὁ Δήμαρχος τοῦ Πειραιῶς ἀνεκοίνωσε τὴν ἔναρξιν νέων ἔργων ὀδοποιΐας εἰς τὰς συνοικίας τῆς πόλεως.

Ὁ Δήμαρχος τοῦ Πειραιῶς ἀνεκοίνωσε τὴν ἔναρξιν νέων ἔργων ὀδοποιΐας εἰς τὰς συνοικίας τῆς πόλεως.

Μία ἠχηρὰ καὶ ἐπίκαιρος ἀπάντησις εἰς τὰς κυβερνητικὰς ψευδοϋποσχέσεις
ΤΕΤΡΑΚΟΣΙΟΙ ΚΑΘΗΓΗΤΑΙ ΤΗΣ ΒΟΡ. ΕΛΛΑΔΟΣ ΕΠΙΣΗΜΑΙΝΟΥΝ ΤΟΥΣ ΚΙΝΔΥΝΟΥΣ ΕΚ ΤΗΣ ΠΑΡΑΜΕΛΗΣΕΩΣ ΤΗΣ ΕΚΠΑΙΔΕΥΣΕΩΣ
Εἰς τὴν οὐρὰν τῶν βαλκανικῶν κρατῶν
κινδυνεύει νὰ εὑρεθῇ ἡ ἑλληνικὴ παιδεία
ἐὰν δὲν ἐπιδείξῃ ἡ πολιτεία ἐνδιαφέρον

Πραγματοποιήθη τὴν Κυριακὴν συγκέντρωσις τῶν λειτουργῶν τῆς Μέσης Ἐκπαιδεύσεως, καθ' ἣν ἐψηφίσθη ψήφισμα πρὸς τὴν κυβέρνησιν. Οἱ καθηγηταὶ τονίζουν ὅτι ἡ ἑλληνικὴ ἐκπαίδευσις εὑρίσκεται εἰς δεινὴν θέσιν, λόγῳ τῆς ἀνεπαρκείας τῶν πιστώσεων καὶ τῆς ἐλλείψεως διδακτηρίων. Ἐζήτησαν τὴν αὔξησιν τῶν ἀποδοχῶν των, τὴν ἵδρυσιν νέων σχολείων καὶ τὴν ἀναμόρφωσιν τῶν προγραμμάτων. Αἱ ἀποφάσεις τῆς συγκεντρώσεως θὰ ὑποβληθοῦν εἰς τὸν ὑπουργὸν τῆς Παιδείας. Παρατηρεῖται, ἐπίσης, ὅτι κατὰ τὰ τελευταῖα ἔτη ὁ ἀριθμὸς τῶν μαθητῶν ηὐξήθη σημαντικῶς, ἐνῷ ὁ ἀριθμὸς τῶν καθηγητῶν παρέμεινε σχεδὸν ὁ αὐτός.

Πραγματοποιήθη τὴν Κυριακὴν συγκέντρωσις τῶν λειτουργῶν τῆς Μέσης Ἐκπαιδεύσεως, καθ' ἣν ἐψηφίσθη ψήφισμα πρὸς τὴν κυβέρνησιν. Οἱ καθηγηταὶ τονίζουν ὅτι ἡ ἑλληνικὴ ἐκπαίδευσις εὑρίσκεται εἰς δεινὴν θέσιν, λόγῳ τῆς ἀνεπαρκείας τῶν πιστώσεων καὶ τῆς ἐλλείψεως διδακτηρίων. Ἐζήτησαν τὴν αὔξησιν τῶν ἀποδοχῶν των, τὴν ἵδρυσιν νέων σχολείων καὶ τὴν ἀναμόρφωσιν τῶν προγραμμάτων. Αἱ ἀποφάσεις τῆς συγκεντρώσεως θὰ ὑποβληθοῦν εἰς τὸν ὑπουργὸν τῆς Παιδείας. Παρατηρεῖται, ἐπίσης, ὅτι κατὰ τὰ τελευταῖα ἔτη ὁ ἀριθμὸς τῶν μαθητῶν ηὐξήθη σημαντικῶς, ἐνῷ ὁ ἀριθμὸς τῶν καθηγητῶν παρέμεινε σχεδὸν ὁ αὐτός.

ΥΠΕΡ ΤΩΝ ΔΙΔΑΣΚΑΛΩΝ

Ἡ Ὁμοσπονδία Λειτουργῶν Μέσης Ἐκπαιδεύσεως ἐκφράζει τὴν ἀλληλεγγύην της πρὸς τὰ αἰτήματα τῶν δημοδιδασκάλων.

Πραγματοποιήθη τὴν Κυριακὴν συγκέντρωσις τῶν λειτουργῶν τῆς Μέσης Ἐκπαιδεύσεως, καθ' ἣν ἐψηφίσθη ψήφισμα πρὸς τὴν κυβέρνησιν. Οἱ καθηγηταὶ τονίζουν ὅτι ἡ ἑλληνικὴ ἐκπαίδευσις εὑρίσκεται εἰς δεινὴν θέσιν, λόγῳ τῆς ἀνεπαρκείας τῶν πιστώσεων καὶ τῆς ἐλλείψεως διδακτηρίων. Ἐζήτησαν τὴν αὔξησιν τῶν ἀποδοχῶν των, τὴν ἵδρυσιν νέων σχολείων καὶ τὴν ἀναμόρφωσιν τῶν προγραμμάτων. Αἱ ἀποφάσεις τῆς συγκεντρώσεως θὰ ὑποβληθοῦν εἰς τὸν ὑπουργὸν τῆς Παιδείας. Παρατηρεῖται, ἐπίσης, ὅτι κατὰ τὰ τελευταῖα ἔτη ὁ ἀριθμὸς τῶν μαθητῶν ηὐξήθη σημαντικῶς, ἐνῷ ὁ ἀριθμὸς τῶν καθηγητῶν παρέμεινε σχεδὸν ὁ αὐτός.

ΑΙ ΗΝΩΜ. ΠΟΛΙΤΕΙΑΙ ΘΑ ΒΟΗΘΗΣΟΥΝ ΤΗΝ ΓΙΟΥΓΚΟΣΛΑΒΙΑΝ ΟΠΩΣ ΠΑΡΑΜΕΙΝΗ ΑΝΕΞΑΡΤΗΤΟΣ
Ὑποσχέσεις τοῦ κ. Ἀϊζενχάουερ

ΒΑΣΙΓΚΤΩΝ, 27. (Ἀσ. Πρές).— Ὁ πρόεδρος Ἀϊζενχάουερ ἐδήλωσεν ὅτι αἱ Ἡνωμέναι Πολιτεῖαι θὰ ἐξακολουθήσουν νὰ παρέχουν βοήθειαν εἰς τὴν Γιουγκοσλαβίαν, διὰ νὰ διατηρήσῃ αὕτη τὴν ἀνεξαρτησίαν της. Ἡ βοήθεια θὰ εἶναι κυρίως οἰκονομική. Ὁ πρόεδρος ἀνέφερεν ὅτι ἡ πολιτικὴ τῶν Ἡνωμένων Πολιτειῶν ἔναντι τῆς Γιουγκοσλαβίας δὲν μεταβάλλεται.

ΒΑΣΙΓΚΤΩΝ, 27. (Ἀσ. Πρές).— Ὁ πρόεδρος Ἀϊζενχάουερ ἐδήλωσεν ὅτι αἱ Ἡνωμέναι Πολιτεῖαι θὰ ἐξακολουθήσουν νὰ παρέχουν βοήθειαν εἰς τὴν Γιουγκοσλαβίαν, διὰ νὰ διατηρήσῃ αὕτη τὴν ἀνεξαρτησίαν της. Ἡ βοήθεια θὰ εἶναι κυρίως οἰκονομική. Ὁ πρόεδρος ἀνέφερεν ὅτι ἡ πολιτικὴ τῶν Ἡνωμένων Πολιτειῶν ἔναντι τῆς Γιουγκοσλαβίας δὲν μεταβάλλεται.

ΒΑΣΙΓΚΤΩΝ, 27. (Ἀσ. Πρές).— Ὁ πρόεδρος Ἀϊζενχάουερ ἐδήλωσεν ὅτι αἱ Ἡνωμέναι Πολιτεῖαι θὰ ἐξακολουθήσουν νὰ παρέχουν βοήθειαν εἰς τὴν Γιουγκοσλαβίαν, διὰ νὰ διατηρήσῃ αὕτη τὴν ἀνεξαρτησίαν της. Ἡ βοήθεια θὰ εἶναι κυρίως οἰκονομική. Ὁ πρόεδρος ἀνέφερεν ὅτι ἡ πολιτικὴ τῶν Ἡνωμένων Πολιτειῶν ἔναντι τῆς Γιουγκοσλαβίας δὲν μεταβάλλεται.

ΕΚ ΤΗΣ ΛΙΒΥΗΣ

ΛΟΝΔΙΝΟΝ, 27. (Ἀσ. Πρές).— Ἐκ τοῦ Φορὲν Ὄφις ἀνεκοινώθη ὅτι ἡ Βρετανία θὰ παράσχῃ εἰς τὴν Λιβύην οἰκονομικὴν βοήθειαν ἐκ 3.250.000 λιρῶν.

ΟΙ ΒΟΡΕΙΟΚΟΡΕΑΤΑΙ ΕΖΗΤΗΣΑΝ ΑΠΟΧΩΡΗΣΙΝ ΤΩΝ ΞΕΝΩΝ ΔΥΝΑΜΕΩΝ ΕΚ ΤΗΣ ΝΟΤ. ΚΟΡΕΑΣ
Η ΔΙΟΙΚΗΣΙΣ ΤΟΥ ΟΗΕ ΑΠΕΡΡΙΨΕ ΤΗΝ ΑΙΤΗΣΙΝ

ΠΑΝ ΜΟΥΝ ΤΖΟΜ, 27. (Ἀσ. Πρές).— Οἱ ἀντιπρόσωποι τῆς Βορείου Κορέας εἰς τὴν ἐπιτροπὴν ἀνακωχῆς ἐζήτησαν τὴν ἀποχώρησιν ὅλων τῶν ξένων δυνάμεων ἐκ τῆς Νοτίου Κορέας. Ἡ διοίκησις τῶν Ἡνωμένων Ἐθνῶν ἀπέρριψε τὴν αἴτησιν ταύτην.

ΠΑΝ ΜΟΥΝ ΤΖΟΜ, 27. (Ἀσ. Πρές).— Οἱ ἀντιπρόσωποι τῆς Βορείου Κορέας εἰς τὴν ἐπιτροπὴν ἀνακωχῆς ἐζήτησαν τὴν ἀποχώρησιν ὅλων τῶν ξένων δυνάμεων ἐκ τῆς Νοτίου Κορέας. Ἡ διοίκησις τῶν Ἡνωμένων Ἐθνῶν ἀπέρριψε τὴν αἴτησιν ταύτην.

ΑΠΕΡΡΙΦΘΗ ΤΟ ΑΙΤΗΜΑ

ΠΑΝ ΜΟΥΝ ΤΖΟΜ, 27. (Ἀσ. Πρές).— Οἱ ἀντιπρόσωποι τῆς Βορείου Κορέας εἰς τὴν ἐπιτροπὴν ἀνακωχῆς ἐζήτησαν τὴν ἀποχώρησιν ὅλων τῶν ξένων δυνάμεων ἐκ τῆς Νοτίου Κορέας. Ἡ διοίκησις τῶν Ἡνωμένων Ἐθνῶν ἀπέρριψε τὴν αἴτησιν ταύτην.

ΠΑΝ ΜΟΥΝ ΤΖΟΜ, 27. (Ἀσ. Πρές).— Οἱ ἀντιπρόσωποι τῆς Βορείου Κορέας εἰς τὴν ἐπιτροπὴν ἀνακωχῆς ἐζήτησαν τὴν ἀποχώρησιν ὅλων τῶν ξένων δυνάμεων ἐκ τῆς Νοτίου Κορέας. Ἡ διοίκησις τῶν Ἡνωμένων Ἐθνῶν ἀπέρριψε τὴν αἴτησιν ταύτην.

ΜΙΑ ΕΝΤΥΠΩΣΙΑΚΗ ΥΠΟΘΕΣΙΣ ΚΑΤΑΣΚΟΠΕΙΑΣ ΘΑ ΔΙΚΑΣΘΗ ΕΝΤΟΣ ΟΛΙΓΟΥ ΕΝ Δ. ΓΕΡΜΑΝΙΑ

ΚΑΡΛΣΡΟΥΗ, 27. (Ἀσ. Πρές).— Ἐντὸς ὀλίγου θὰ ἀρχίσῃ ἐνώπιον τοῦ ὁμοσπονδιακοῦ δικαστηρίου ἡ δίκη ὁμάδος κατασκόπων, οἱ ὁποῖοι κατηγοροῦνται ὅτι συνέλεγον πληροφορίας διὰ λογαριασμὸν ξένης δυνάμεως.

ΚΑΡΛΣΡΟΥΗ, 27. (Ἀσ. Πρές).— Ἐντὸς ὀλίγου θὰ ἀρχίσῃ ἐνώπιον τοῦ ὁμοσπονδιακοῦ δικαστηρίου ἡ δίκη ὁμάδος κατασκόπων, οἱ ὁποῖοι κατηγοροῦνται ὅτι συνέλεγον πληροφορίας διὰ λογαριασμὸν ξένης δυνάμεως.

Η ΔΙΑΛΕΞΙΣ ΤΟΥ ΑΡΧΙΜΑΝΔΡΙΤΟΥ κ. ΚΩΤΤΑΚΗ

Τὴν 7ην μ.μ. τῆς Τετάρτης ἡ Ἑταιρεία Μακεδονικῶν Σπουδῶν διοργανώνει εἰς τὴν αἴθουσαν τοῦ Πανεπιστημίου διάλεξιν τοῦ ἀρχιμανδρίτου κ. Στέφανου Κωττάκη, μὲ θέμα: «Ἡ Ἑλληνικὴ ἁγιογραφία καὶ ἡ σημασία της». Εἴσοδος ἐλευθέρα.

ΟΙ ΑΡΧΗΓΟΙ ΚΟΜΜΑΤΩΝ ΔΕΝ ΘΑ ΠΑΡΑΣΤΟΥΝ ΟΠΩΣ ΚΑΙ ΠΕΡΥΣΙΝ ΕΙΣ ΤΗΝ ΔΟΞΟΛΟΓΙΑΝ

ΑΘΗΝΑΙ, 27.— Εἰς τὴν δοξολογίαν, ἡ ὁποία θὰ τελεσθῇ αὔριον εἰς τὴν Μητρόπολιν ἐπὶ τῇ ἐπετείῳ τῆς 28ης Ὀκτωβρίου, δὲν θὰ παραστοῦν οἱ ἀρχηγοὶ τῶν κομμάτων τῆς ἀντιπολιτεύσεως, διότι δὲν προσεκλήθησαν. Ἡ ἀπόφασις αὕτη ἀπεκαλύφθη χθές. Ἐκ μέρους τῶν κομμάτων ἐτονίσθη ὅτι ἡ στάσις τῆς κυβερνήσεως ἀποτελεῖ προσβολὴν τῆς ἐθνικῆς ἑνότητος.

ΑΘΗΝΑΙ, 27.— Εἰς τὴν δοξολογίαν, ἡ ὁποία θὰ τελεσθῇ αὔριον εἰς τὴν Μητρόπολιν ἐπὶ τῇ ἐπετείῳ τῆς 28ης Ὀκτωβρίου, δὲν θὰ παραστοῦν οἱ ἀρχηγοὶ τῶν κομμάτων τῆς ἀντιπολιτεύσεως, διότι δὲν προσεκλήθησαν. Ἡ ἀπόφασις αὕτη ἀπεκαλύφθη χθές. Ἐκ μέρους τῶν κομμάτων ἐτονίσθη ὅτι ἡ στάσις τῆς κυβερνήσεως ἀποτελεῖ προσβολὴν τῆς ἐθνικῆς ἑνότητος.

ΠΛΟΥΣΙΑ ΚΟΙΤΑΣΜΑΤΑ ΠΕΤΡΕΛΑΙΟΥ ΕΙΣ ΤΗΝ ΚΑΣΠΙΑΝ

ΛΟΝΔΙΝΟΝ, 27. (Ρόυτερ).— Ὁ Ραδιοφωνικὸς σταθμὸς τῆς Μόσχας μετέδωσεν ὅτι ἀνεκαλύφθησαν πλούσια κοιτάσματα πετρελαίου εἰς τὴν περιοχὴν τῆς Κασπίας θαλάσσης.

ΛΟΝΔΙΝΟΝ, 27. (Ρόυτερ).— Ὁ Ραδιοφωνικὸς σταθμὸς τῆς Μόσχας μετέδωσεν ὅτι ἀνεκαλύφθησαν πλούσια κοιτάσματα πετρελαίου εἰς τὴν περιοχὴν τῆς Κασπίας θαλάσσης.

ΒΡΑΧΟΣ 30 ΤΟΝΝΩΝ ΕΠΕΣΕΝ ΕΙΣ ΤΗΝ ΓΡΑΜΜΗΝ ΤΟΥ ΣΙΔΗΡΟΔΡΟΜΟΥ

ΒΑΝΚΟΥΒΕΡ, 27. (Ἀσ. Πρές).— Βράχος βάρους 30 τόννων ἐπεσεν εἰς τὴν σιδηροδρομικὴν γραμμήν, μὲ ἀποτέλεσμα νὰ διακοπῇ ἡ συγκοινωνία.

ΒΑΝΚΟΥΒΕΡ, 27. (Ἀσ. Πρές).— Βράχος βάρους 30 τόννων ἐπεσεν εἰς τὴν σιδηροδρομικὴν γραμμήν, μὲ ἀποτέλεσμα νὰ διακοπῇ ἡ συγκοινωνία.

ΔΥΟ ΑΓΓΛΙΚΑΙ ΚΟΡΒΕΤΤΑΙ ΣΥΝΕΚΡΟΥΣΘΗΣΑΝ ΕΙΣ ΤΑΣ ΓΑΛΛΙΚΑΣ ΑΚΤΑΣ

ΛΟΝΔΙΝΟΝ, 27. (Ρόυτερ).— Δύο κορβέτται τοῦ βρεταννικοῦ ναυτικοῦ συνεκρούσθησαν εἰς τὰς ἀκτὰς τῆς Γαλλίας. Οὐδεὶς ἐτραυματίσθη.

ΛΟΝΔΙΝΟΝ, 27. (Ρόυτερ).— Δύο κορβέτται τοῦ βρεταννικοῦ ναυτικοῦ συνεκρούσθησαν εἰς τὰς ἀκτὰς τῆς Γαλλίας. Οὐδεὶς ἐτραυματίσθη.

ΚΑΤΕΒΡΟΧΘΙΣΕ 40 ΠΑΣΤΕΣ ΕΙΣ ΣΤΟΙΧΗΜΑ

ΒΟΛΟΣ, 27.— Εἰς τὸ χωρίον Πτελεὸν νεαρὸς κάτοικος κατεβρόχθισε 40 πάστες εἰς στοίχημα, κερδίσας 500 δραχμάς.

ΒΟΛΟΣ, 27.— Εἰς τὸ χωρίον Πτελεὸν νεαρὸς κάτοικος κατεβρόχθισε 40 πάστες εἰς στοίχημα, κερδίσας 500 δραχμάς.

ΕΡΑΝΟΣ ΤΗΝ ΠΕΜΠΤΗΝ ΥΠΕΡ ΤΗΣ ΣΧΟΛΗΣ ΤΩΝ ΚΩΦΑΛΑΛΩΝ

Τὴν προσεχῆ Πέμπτην θὰ διενεργηθῇ ἔρανος ὑπὲρ τῆς σχολῆς κωφαλάλων Θεσσαλονίκης.

Τὴν προσεχῆ Πέμπτην θὰ διενεργηθῇ ἔρανος ὑπὲρ τῆς σχολῆς κωφαλάλων Θεσσαλονίκης.

ΟΙ ΚΑΤΟΧΟΙ ΑΝΤΑΛΛΑΞΙΜΩΝ ΖΗΤΟΥΝ ΑΝΑΒΟΛΗΝ ΤΗΣ ΡΕΥΣΤΟΠΟΙΗΣΕΩΣ

Ἡ Ὁμοσπονδία τῶν κατόχων ἀνταλλαξίμων ζητεῖ τὴν ἀναβολὴν τῆς ρευστοποιήσεως τῶν ὁμολογιῶν.

Ἡ Ὁμοσπονδία τῶν κατόχων ἀνταλλαξίμων ζητεῖ τὴν ἀναβολὴν τῆς ρευστοποιήσεως τῶν ὁμολογιῶν.

ΤΟ ΣΥΝΑΛΛΑΓΜΑ ΕΙΣ ΑΘΗΝΑΙΝ ΗΟΝΗΝ

ΑΘΗΝΑΙ, 27.— Κατ' ἀνακοίνωσιν τῆς Τραπέζης τῆς Ἑλλάδος τὸ συνάλλαγμα παρέμεινε σταθερόν.

ΑΘΗΝΑΙ, 27.— Κατ' ἀνακοίνωσιν τῆς Τραπέζης τῆς Ἑλλάδος τὸ συνάλλαγμα παρέμεινε σταθερόν.

Θ' ΑΝΑΠΤΥΞΗ ΤΑΧΥΤΗΤΑ 3200 ΧΑΜ ΤΗΝ ΩΡΑΝ

ΒΑΣΙΓΚΤΩΝ, 27. (Ἀσ. Πρές).— Τὸ νέον ἀεριωθούμενον ἀεροσκάφος θὰ ἀναπτύξῃ ταχύτητα 3.200 χιλιομέτρων τὴν ὥραν.

ΒΑΣΙΓΚΤΩΝ, 27. (Ἀσ. Πρές).— Τὸ νέον ἀεριωθούμενον ἀεροσκάφος θὰ ἀναπτύξῃ ταχύτητα 3.200 χιλιομέτρων τὴν ὥραν.

ΕΙΣ ΤΟ ΑΗΙΖΑΡΧΕΙΟΝ

Ἐις τὸ λιμεναρχεῖον Θεσσαλονίκης ἔγιναν αἱ κατ' ἔτος ἐξετάσεις τῶν ναυτικῶν.

Ἐις τὸ λιμεναρχεῖον Θεσσαλονίκης ἔγιναν αἱ κατ' ἔτος ἐξετάσεις τῶν ναυτικῶν.

ΔΙΕΥΘΕΤΕΙΤΑΙ Η ΚΟΙΤΗ ΤΟΥ ΧΕΙΜΑΡΡΟΥ ΚΟΧΙΚΟΥ

Ὑπὸ τῆς Νομαρχίας ἀνελήφθη ἡ διευθέτησις τῆς κοίτης τοῦ χειμάρρου Κοχίκου.

Ὑπὸ τῆς Νομαρχίας ἀνελήφθη ἡ διευθέτησις τῆς κοίτης τοῦ χειμάρρου Κοχίκου.

ΚΛΟΠΗ ΕΙΣ ΤΟ «ΧΙΑΤΟΝ» ΤΟΥ ΝΕΟΥ ΜΕΞΙΚΟΥ

ΑΛΜΠΟΥΚΕΡΚΗ, 27. (Ἀσ. Πρές).— Ἄγνωστοι διέρρηξαν τὸ χρηματοκιβώτιον ξενοδοχείου καὶ ἀφήρεσαν κοσμήματα.

ΑΛΜΠΟΥΚΕΡΚΗ, 27. (Ἀσ. Πρές).— Ἄγνωστοι διέρρηξαν τὸ χρηματοκιβώτιον ξενοδοχείου καὶ ἀφήρεσαν κοσμήματα.

ΠΟΛΥ ΕΠΙΚΙΝΔΥΝΟΙ ΟΙ ΚΑΙΣΑΡΕΣ ΑΠΟ ΤΟ ΧΡΗΜΑΤΟΚΙΒΩΤΙΟΝ
